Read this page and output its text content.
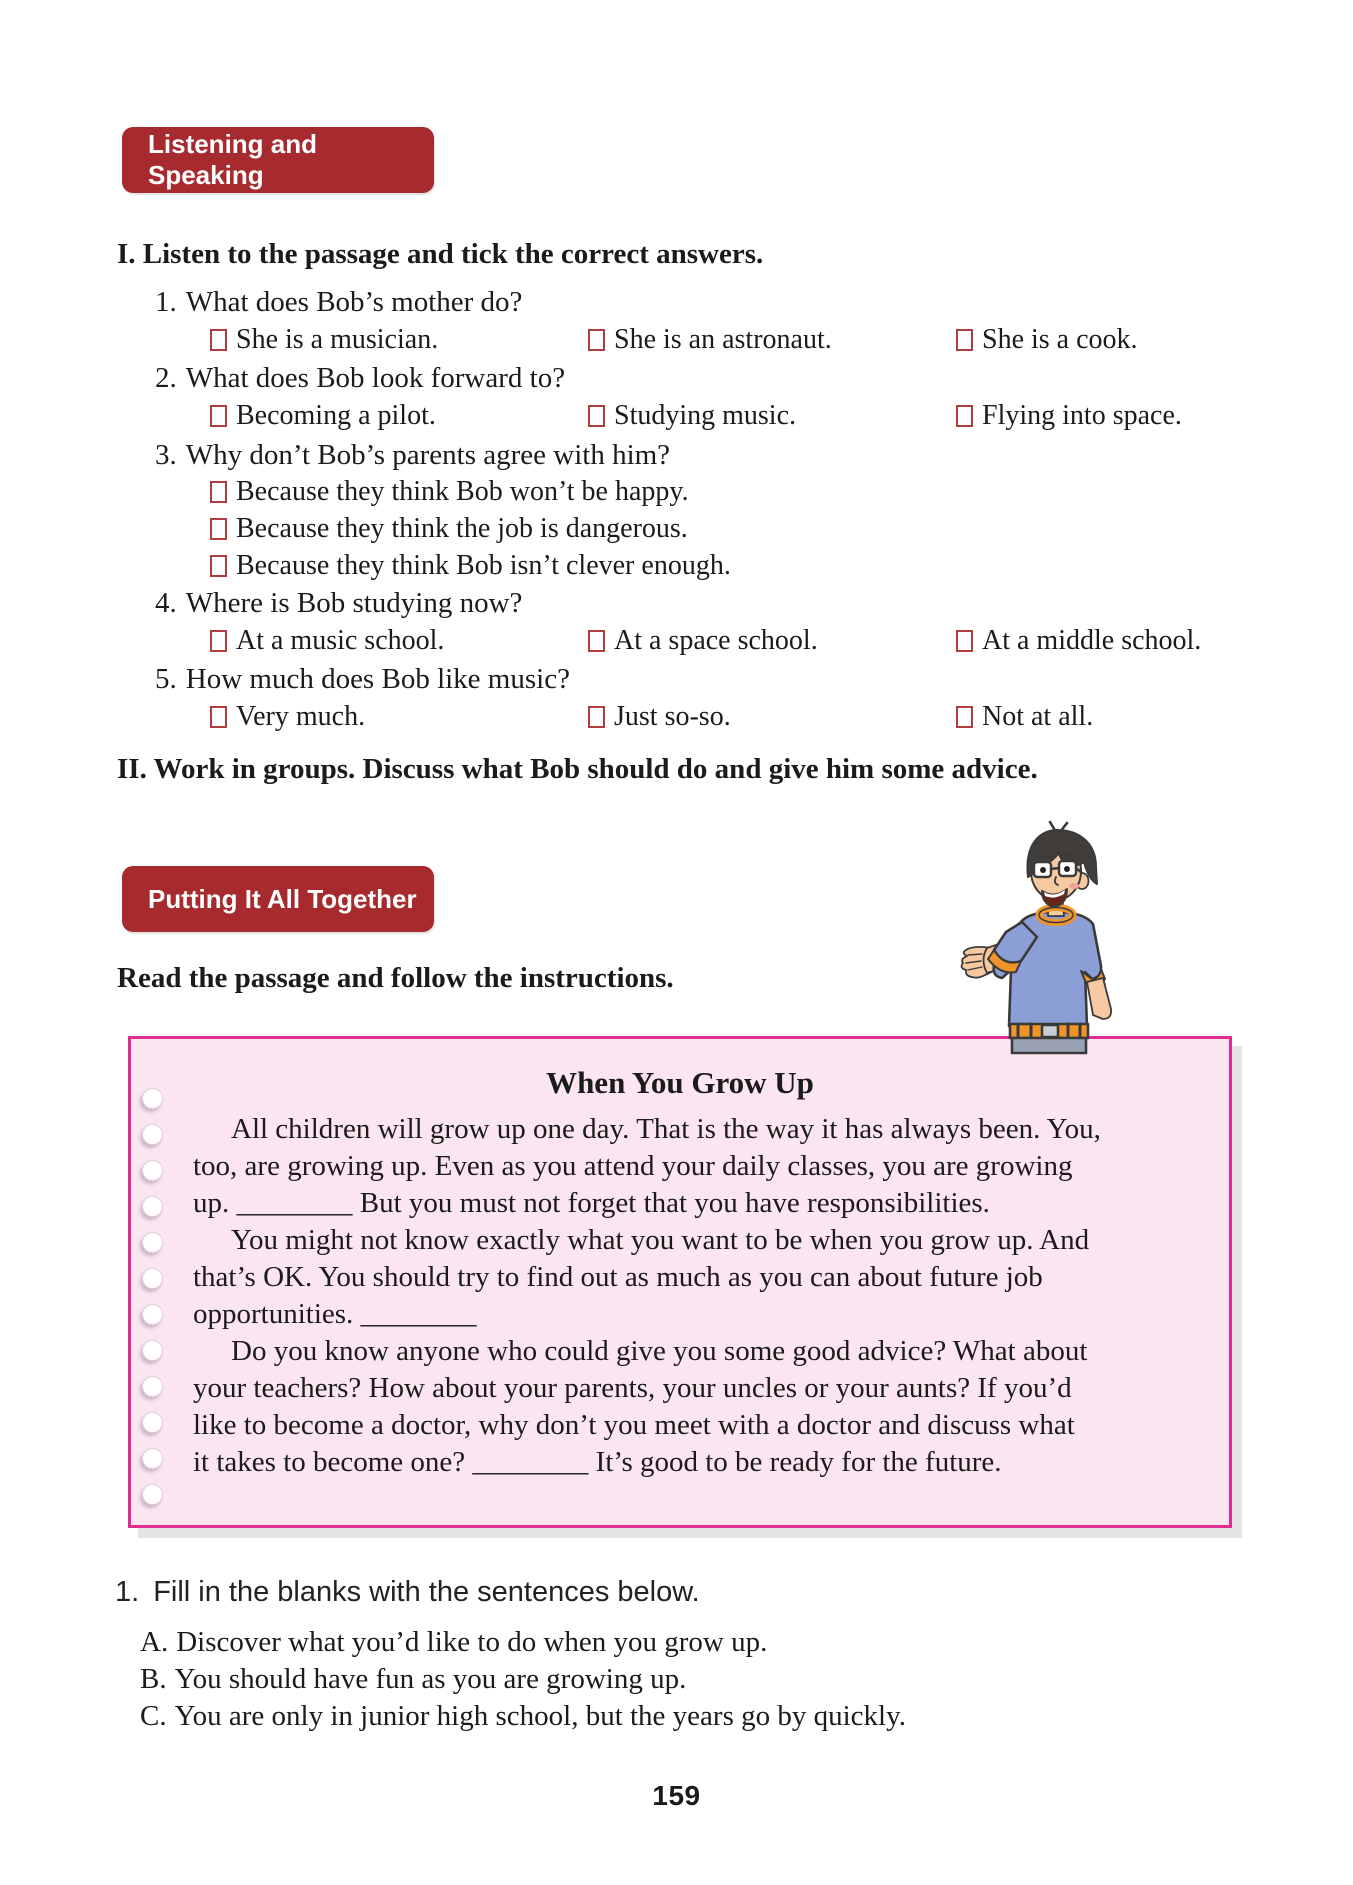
Listening and Speaking
I. Listen to the passage and tick the correct answers.
1. What does Bob’s mother do?
She is a musician.	She is an astronaut.	She is a cook.
2. What does Bob look forward to?
Becoming a pilot.	Studying music.	Flying into space.
3. Why don’t Bob’s parents agree with him?
Because they think Bob won’t be happy.
Because they think the job is dangerous.
Because they think Bob isn’t clever enough.
4. Where is Bob studying now?
At a music school.	At a space school.	At a middle school.
5. How much does Bob like music?
Very much.	Just so-so.	Not at all.
II. Work in groups. Discuss what Bob should do and give him some advice.
Putting It All Together
Read the passage and follow the instructions.
When You Grow Up
All children will grow up one day. That is the way it has always been. You,
too, are growing up. Even as you attend your daily classes, you are growing
up. ________ But you must not forget that you have responsibilities.
You might not know exactly what you want to be when you grow up. And
that’s OK. You should try to find out as much as you can about future job
opportunities. ________
Do you know anyone who could give you some good advice? What about
your teachers? How about your parents, your uncles or your aunts? If you’d
like to become a doctor, why don’t you meet with a doctor and discuss what
it takes to become one? ________ It’s good to be ready for the future.
1. Fill in the blanks with the sentences below.
A. Discover what you’d like to do when you grow up.
B. You should have fun as you are growing up.
C. You are only in junior high school, but the years go by quickly.
159
